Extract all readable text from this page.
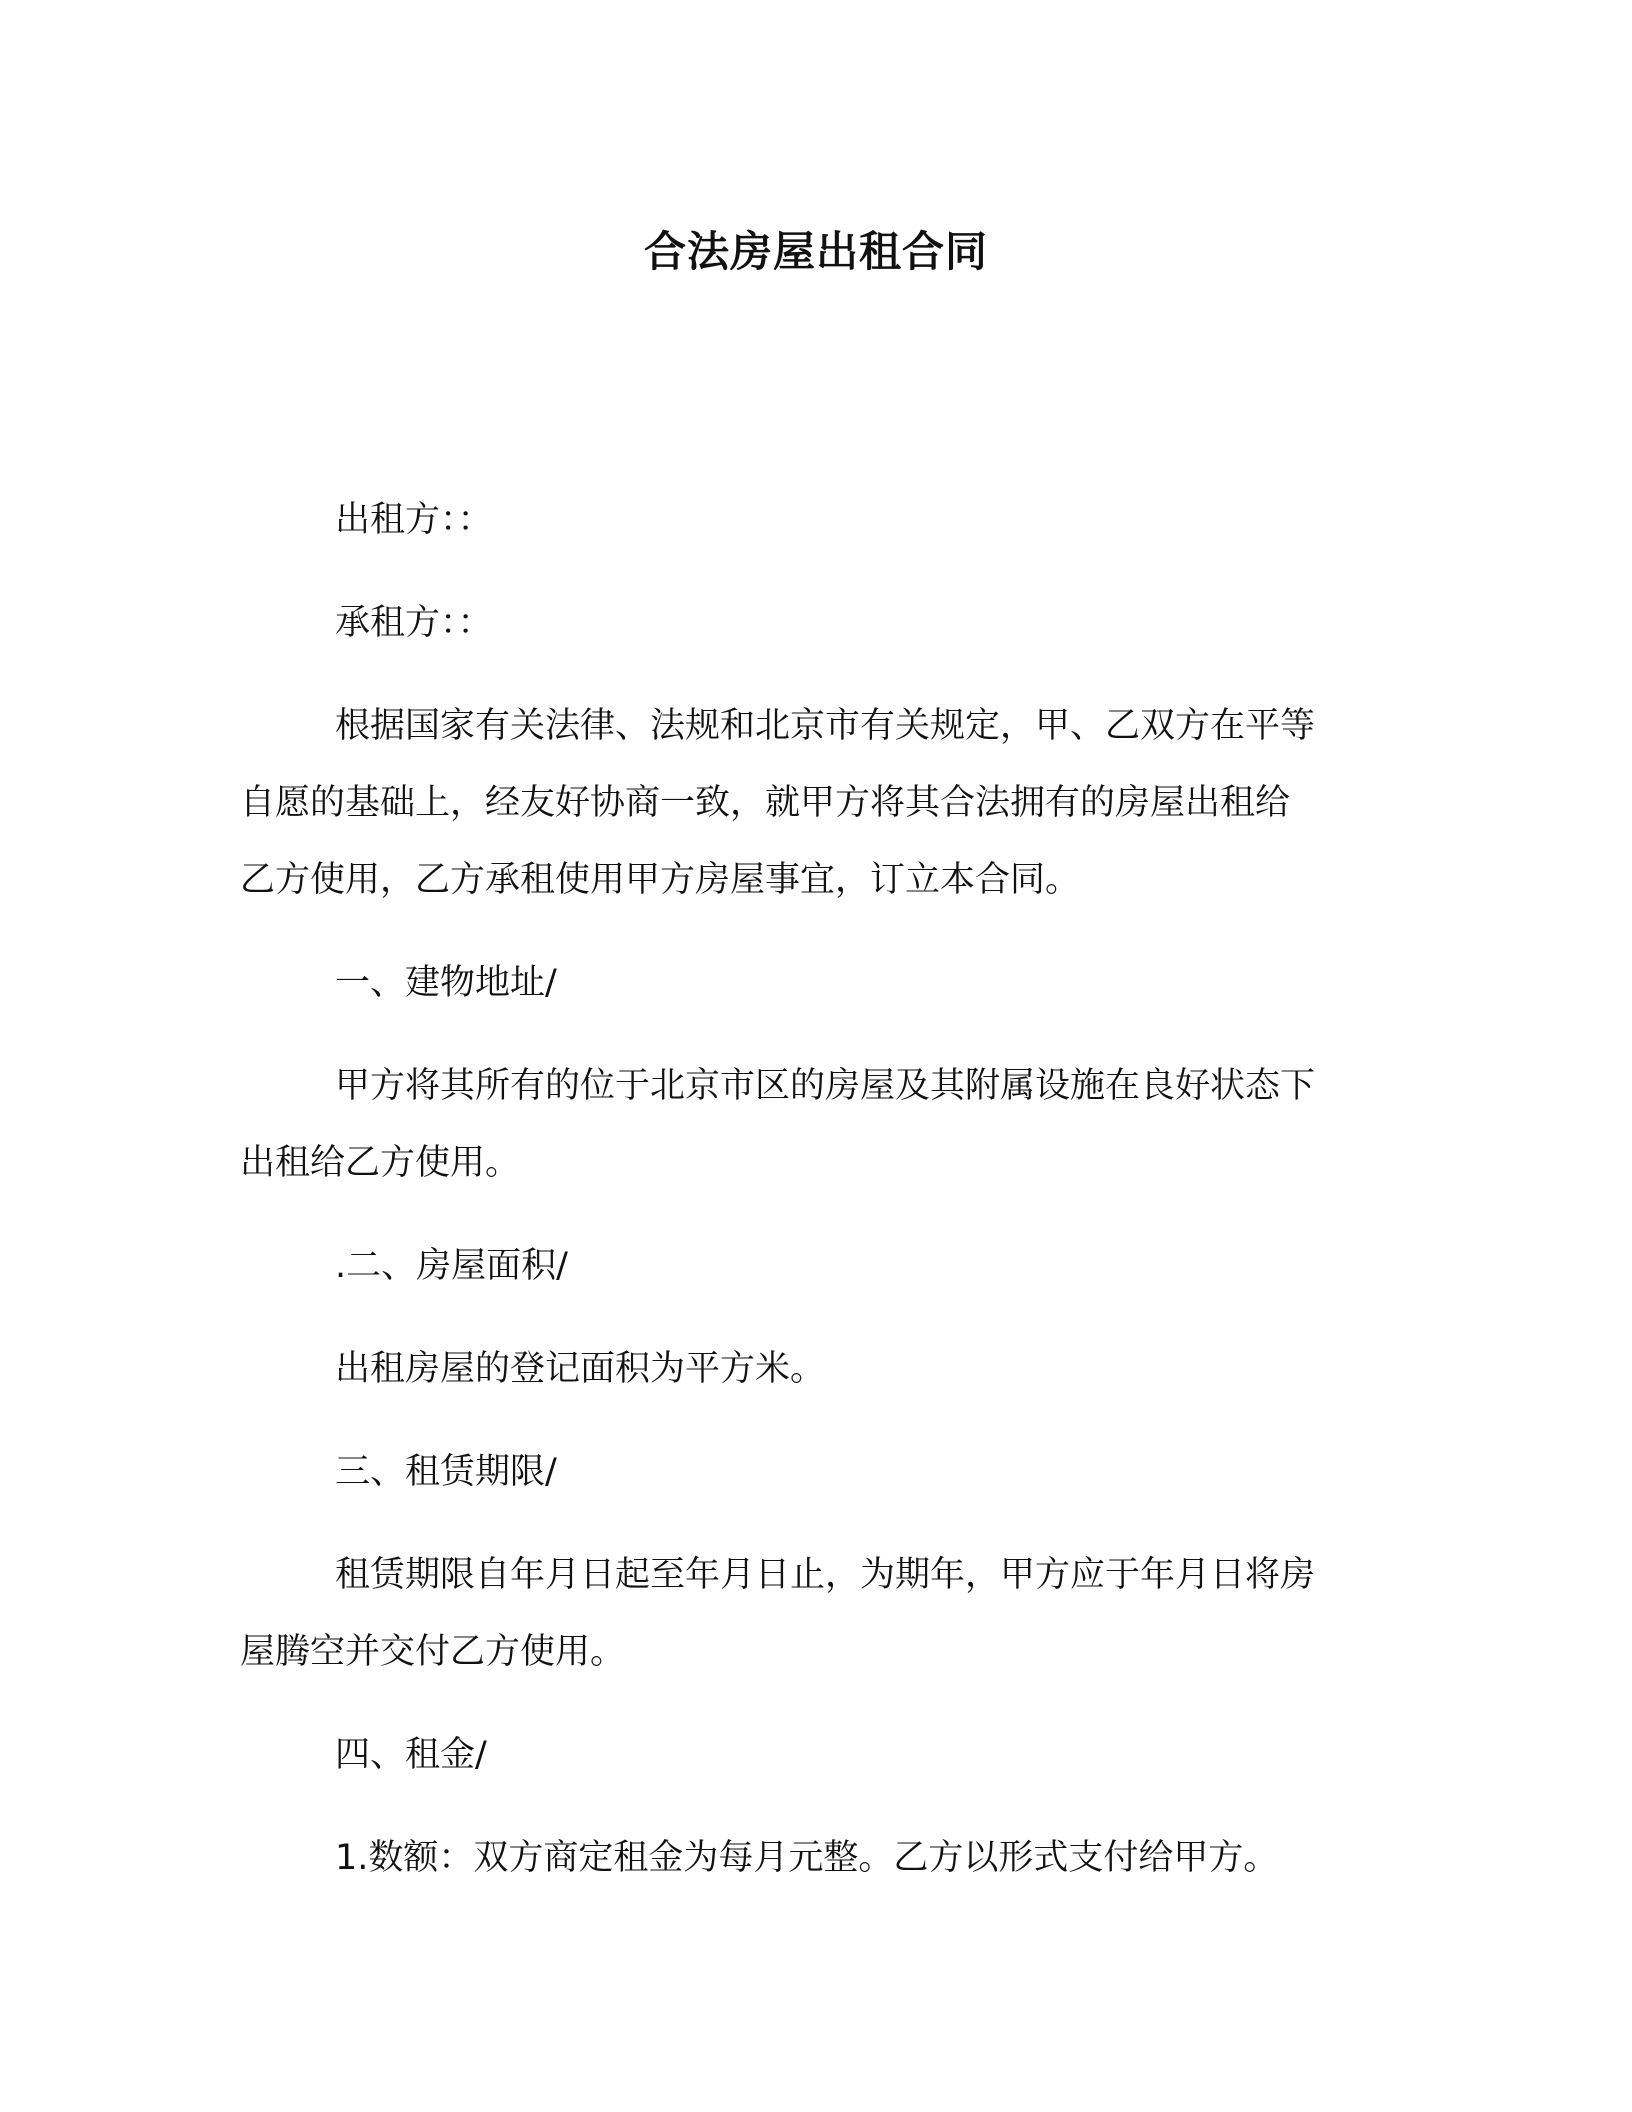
合法房屋出租合同
出租方：：
承租方：：
根据国家有关法律、法规和北京市有关规定，甲、乙双方在平等
自愿的基础上，经友好协商一致，就甲方将其合法拥有的房屋出租给
乙方使用，乙方承租使用甲方房屋事宜，订立本合同。
一、建物地址/
甲方将其所有的位于北京市区的房屋及其附属设施在良好状态下
出租给乙方使用。
.二、房屋面积/
出租房屋的登记面积为平方米。
三、租赁期限/
租赁期限自年月日起至年月日止，为期年，甲方应于年月日将房
屋腾空并交付乙方使用。
四、租金/
1.数额：双方商定租金为每月元整。乙方以形式支付给甲方。
